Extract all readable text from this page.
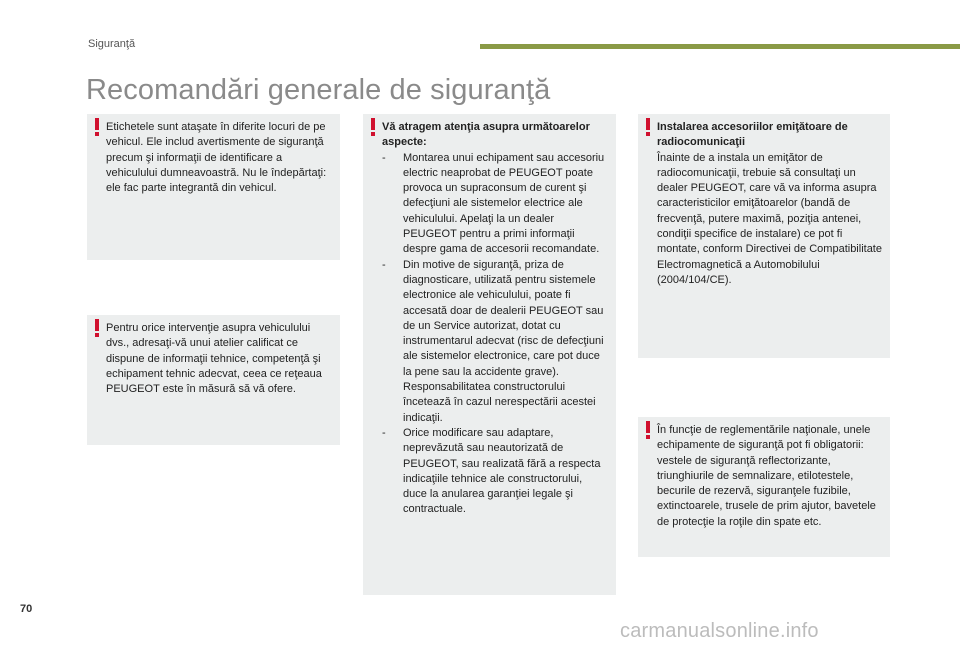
Siguranţă
Recomandări generale de siguranţă

Etichetele sunt ataşate în diferite locuri de pe vehicul. Ele includ avertismente de siguranţă precum şi informaţii de identificare a vehiculului dumneavoastră. Nu le îndepărtaţi: ele fac parte integrantă din vehicul.

Pentru orice intervenţie asupra vehiculului dvs., adresaţi-vă unui atelier calificat ce dispune de informaţii tehnice, competenţă şi echipament tehnic adecvat, ceea ce reţeaua PEUGEOT este în măsură să vă ofere.

Vă atragem atenţia asupra următoarelor aspecte:

- Montarea unui echipament sau accesoriu electric neaprobat de PEUGEOT poate provoca un supraconsum de curent şi defecţiuni ale sistemelor electrice ale vehiculului. Apelaţi la un dealer PEUGEOT pentru a primi informaţii despre gama de accesorii recomandate.
- Din motive de siguranţă, priza de diagnosticare, utilizată pentru sistemele electronice ale vehiculului, poate fi accesată doar de dealerii PEUGEOT sau de un Service autorizat, dotat cu instrumentarul adecvat (risc de defecţiuni ale sistemelor electronice, care pot duce la pene sau la accidente grave). Responsabilitatea constructorului încetează în cazul nerespectării acestei indicaţii.
- Orice modificare sau adaptare, neprevăzută sau neautorizată de PEUGEOT, sau realizată fără a respecta indicaţiile tehnice ale constructorului, duce la anularea garanţiei legale şi contractuale.

Instalarea accesoriilor emiţătoare de radiocomunicaţii

Înainte de a instala un emiţător de radiocomunicaţii, trebuie să consultaţi un dealer PEUGEOT, care vă va informa asupra caracteristicilor emiţătoarelor (bandă de frecvenţă, putere maximă, poziţia antenei, condiţii specifice de instalare) ce pot fi montate, conform Directivei de Compatibilitate Electromagnetică a Automobilului (2004/104/CE).

În funcţie de reglementările naţionale, unele echipamente de siguranţă pot fi obligatorii: vestele de siguranţă reflectorizante, triunghiurile de semnalizare, etilotestele, becurile de rezervă, siguranţele fuzibile, extinctoarele, trusele de prim ajutor, bavetele de protecţie la roţile din spate etc.

70
carmanualsonline.info
